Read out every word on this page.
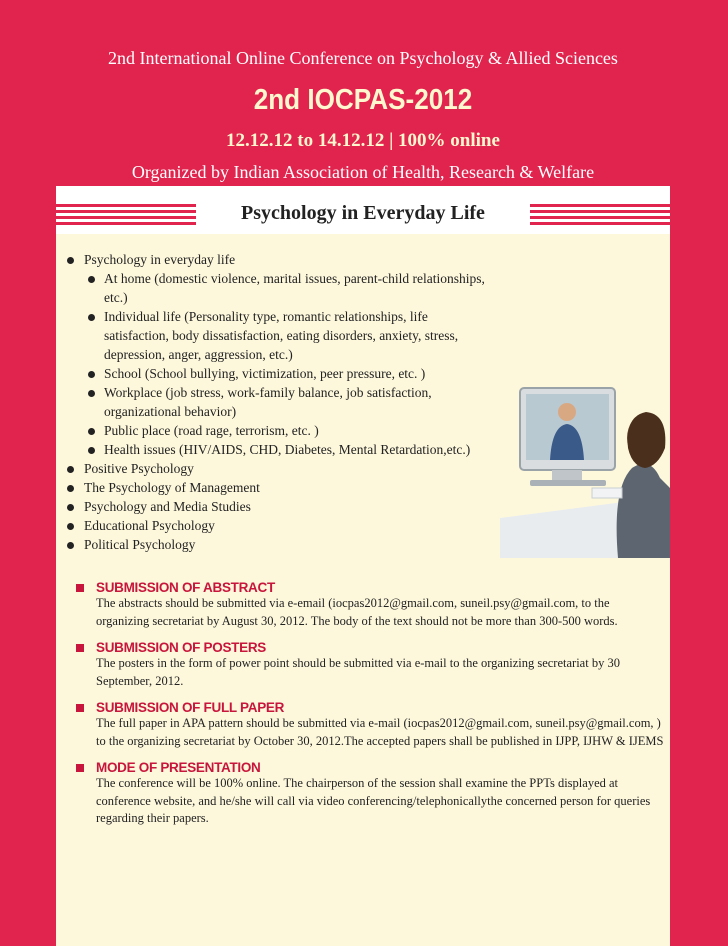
2nd International Online Conference on Psychology & Allied Sciences
2nd IOCPAS-2012
12.12.12 to 14.12.12 | 100% online
Organized by Indian Association of Health, Research & Welfare
Psychology in Everyday Life
Psychology in everyday life
At home (domestic violence, marital issues, parent-child relationships, etc.)
Individual life (Personality type, romantic relationships, life satisfaction, body dissatisfaction, eating disorders, anxiety, stress, depression, anger, aggression, etc.)
School (School bullying, victimization, peer pressure, etc. )
Workplace (job stress, work-family balance, job satisfaction, organizational behavior)
Public place (road rage, terrorism, etc. )
Health issues (HIV/AIDS, CHD, Diabetes, Mental Retardation,etc.)
Positive Psychology
The Psychology of Management
Psychology and Media Studies
Educational Psychology
Political Psychology
SUBMISSION OF ABSTRACT
The abstracts should be submitted via e-email (iocpas2012@gmail.com, suneil.psy@gmail.com, to the organizing secretariat by August 30, 2012. The body of the text should not be more than 300-500 words.
SUBMISSION OF POSTERS
The posters in the form of power point should be submitted via e-mail to the organizing secretariat by 30 September, 2012.
SUBMISSION OF FULL PAPER
The full paper in APA pattern should be submitted via e-mail (iocpas2012@gmail.com, suneil.psy@gmail.com, ) to the organizing secretariat by October 30, 2012.The accepted papers shall be published in IJPP, IJHW & IJEMS
MODE OF PRESENTATION
The conference will be 100% online. The chairperson of the session shall examine the PPTs displayed at conference website, and he/she will call via video conferencing/telephonicallythe concerned person for queries regarding their papers.
